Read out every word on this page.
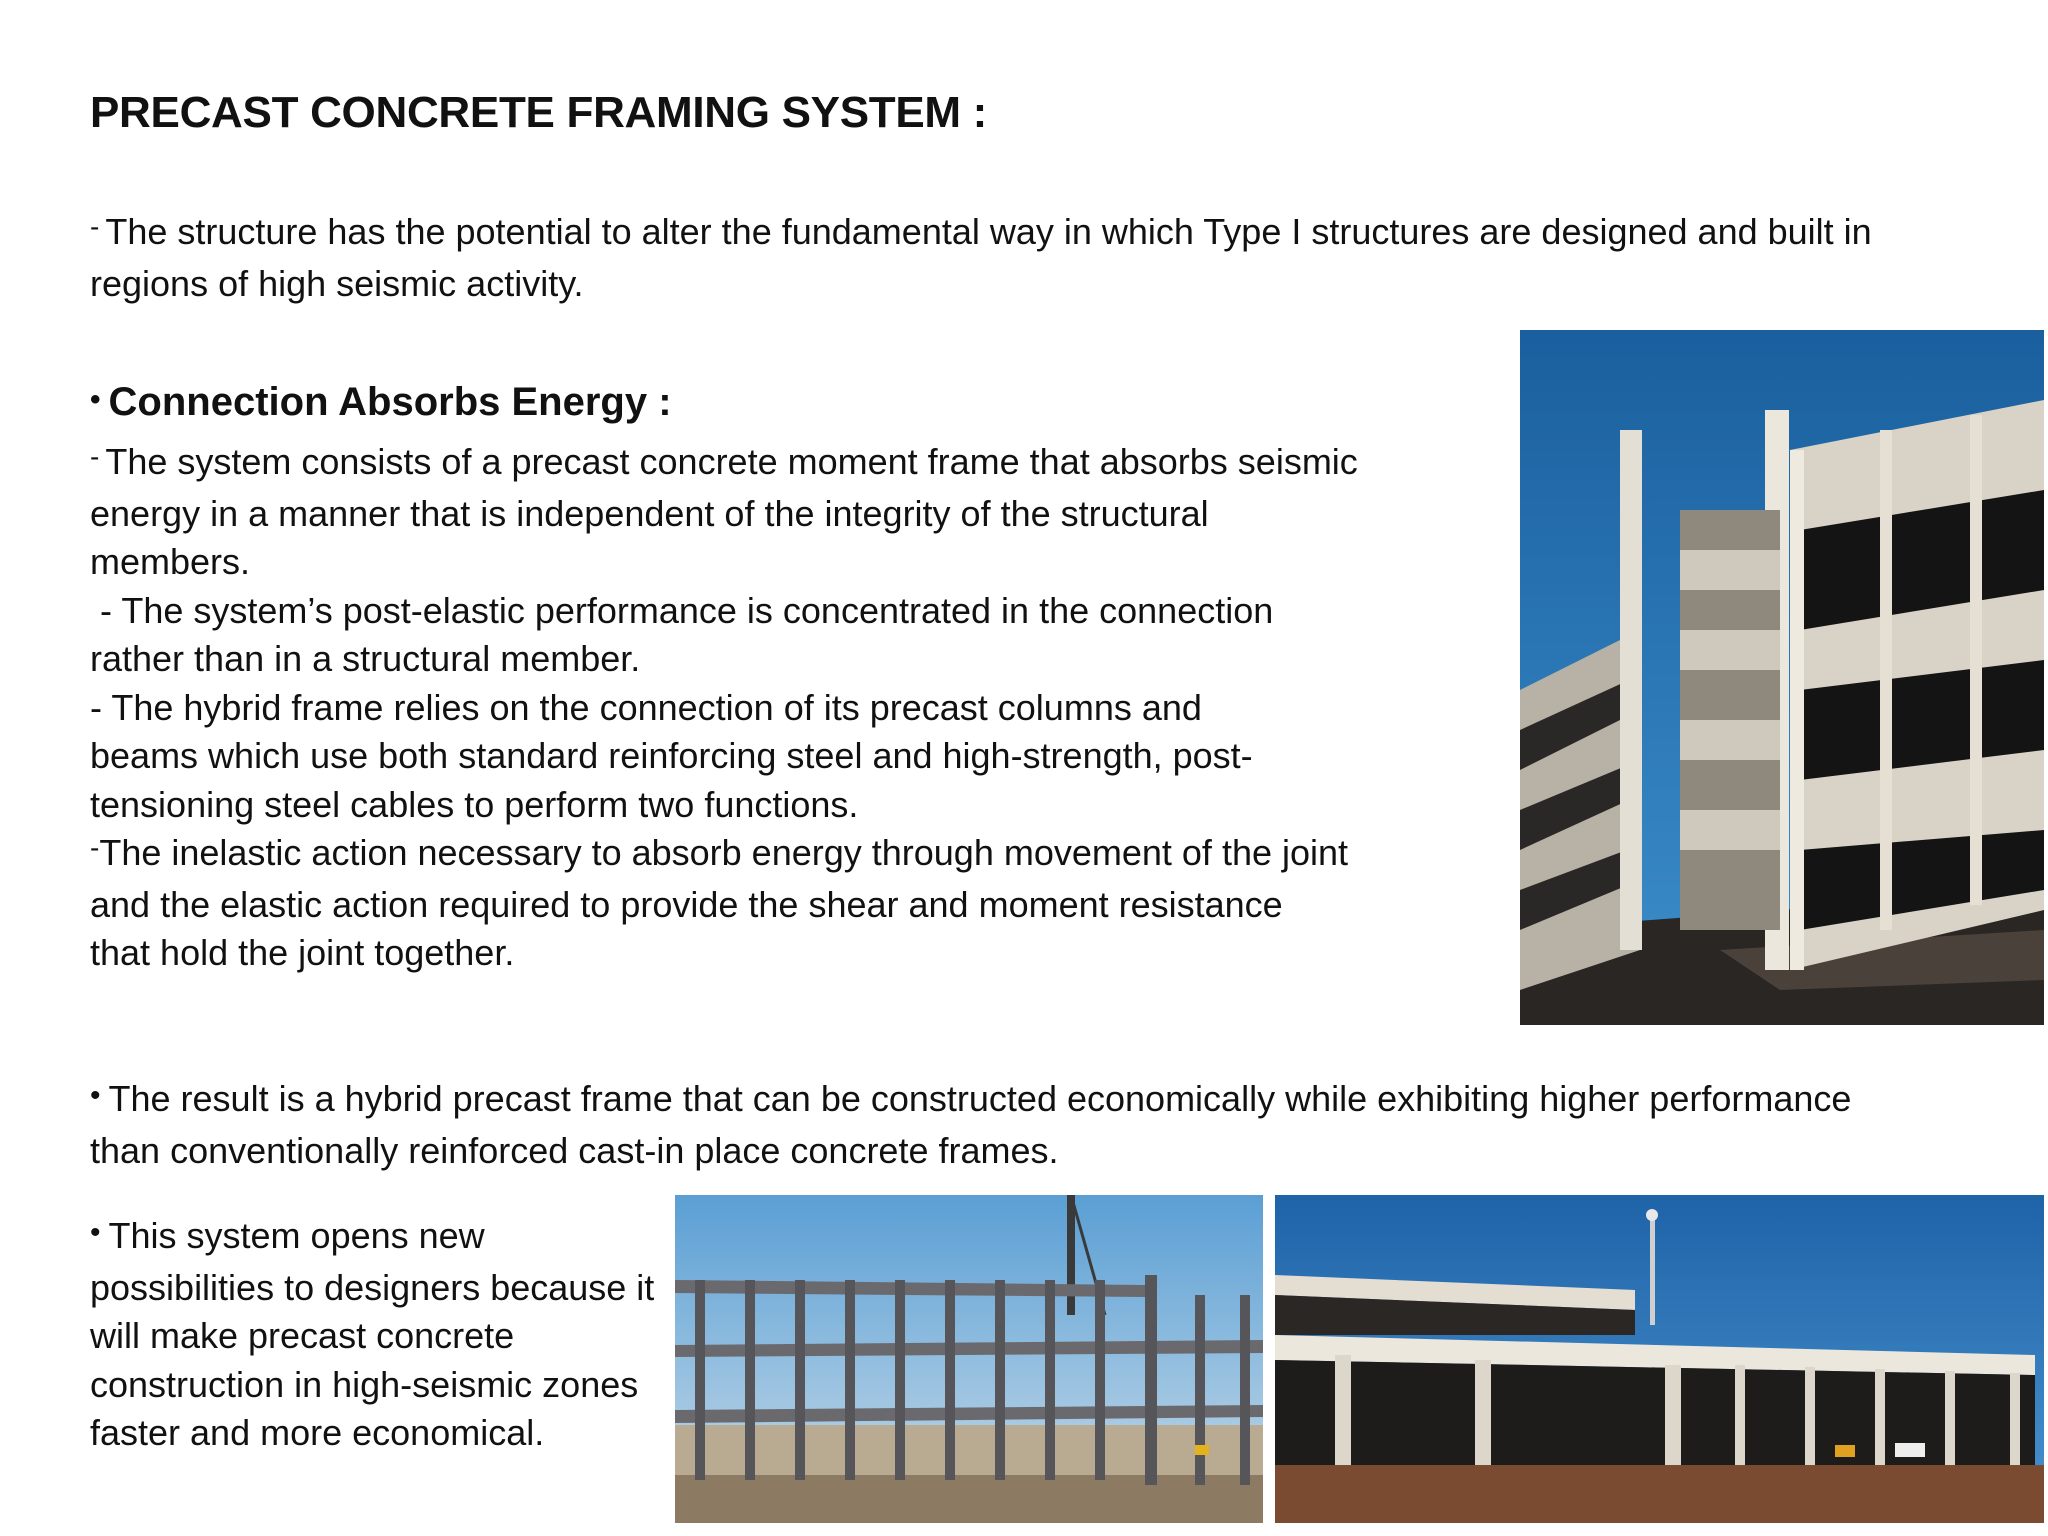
PRECAST CONCRETE FRAMING SYSTEM :
- The structure has the potential to alter the fundamental way in which Type I structures are designed and built in
regions of high seismic activity.
• Connection Absorbs Energy :
- The system consists of a precast concrete moment frame that absorbs seismic
energy in a manner that is independent of the integrity of the structural
members.
- The system’s post-elastic performance is concentrated in the connection
rather than in a structural member.
- The hybrid frame relies on the connection of its precast columns and
beams which use both standard reinforcing steel and high-strength, post-
tensioning steel cables to perform two functions.
-The inelastic action necessary to absorb energy through movement of the joint
and the elastic action required to provide the shear and moment resistance
that hold the joint together.
• The result is a hybrid precast frame that can be constructed economically while exhibiting higher performance
than conventionally reinforced cast-in place concrete frames.
• This system opens new
possibilities to designers because it
will make precast concrete
construction in high-seismic zones
faster and more economical.
